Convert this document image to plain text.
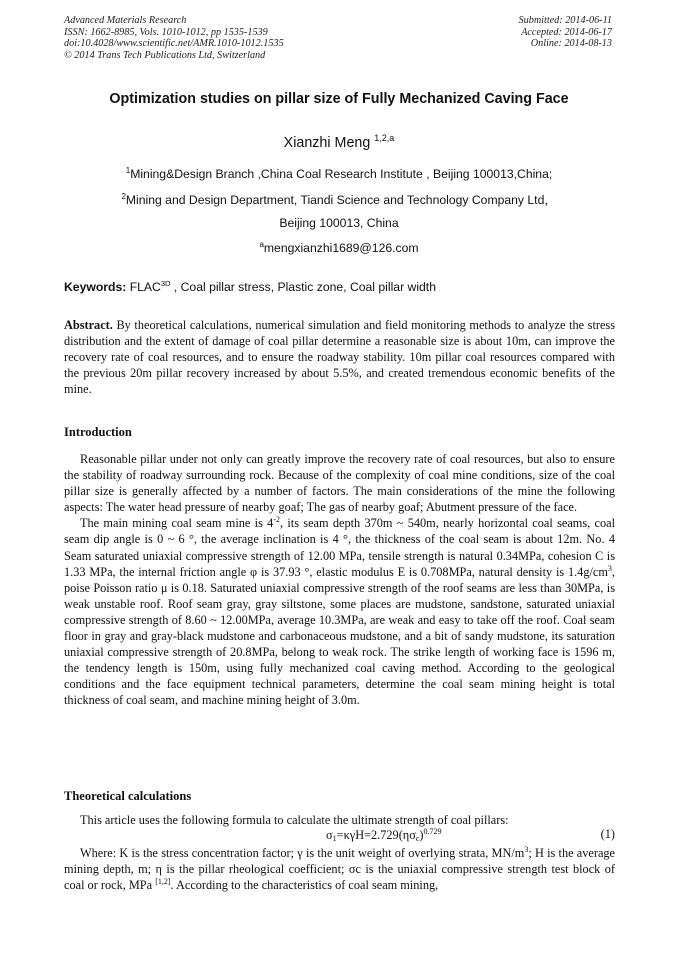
Advanced Materials Research
ISSN: 1662-8985, Vols. 1010-1012, pp 1535-1539
doi:10.4028/www.scientific.net/AMR.1010-1012.1535
© 2014 Trans Tech Publications Ltd, Switzerland
Submitted: 2014-06-11
Accepted: 2014-06-17
Online: 2014-08-13
Optimization studies on pillar size of Fully Mechanized Caving Face
Xianzhi Meng $^{1,2,a}$
$^1$Mining&Design Branch ,China Coal Research Institute , Beijing 100013,China;
$^2$Mining and Design Department, Tiandi Science and Technology Company Ltd，
Beijing 100013, China
$^a$mengxianzhi1689@126.com
Keywords: $FLAC^{3D}$ , Coal pillar stress, Plastic zone, Coal pillar width

Abstract. By theoretical calculations, numerical simulation and field monitoring methods to analyze the stress distribution and the extent of damage of coal pillar determine a reasonable size is about 10m, can improve the recovery rate of coal resources, and to ensure the roadway stability. 10m pillar coal resources compared with the previous 20m pillar recovery increased by about 5.5%, and created tremendous economic benefits of the mine.

Introduction

Reasonable pillar under not only can greatly improve the recovery rate of coal resources, but also to ensure the stability of roadway surrounding rock. Because of the complexity of coal mine conditions, size of the coal pillar size is generally affected by a number of factors. The main considerations of the mine the following aspects: The water head pressure of nearby goaf; The gas of nearby goaf; Abutment pressure of the face.

The main mining coal seam mine is $4^{-2}$, its seam depth 370m ~ 540m, nearly horizontal coal seams, coal seam dip angle is 0 ~ 6 °, the average inclination is 4 °, the thickness of the coal seam is about 12m. No. 4 Seam saturated uniaxial compressive strength of 12.00 MPa, tensile strength is natural 0.34MPa, cohesion C is 1.33 MPa, the internal friction angle φ is 37.93 °, elastic modulus E is 0.708MPa, natural density is $1.4g/cm^3$, poise Poisson ratio μ is 0.18. Saturated uniaxial compressive strength of the roof seams are less than 30MPa, is weak unstable roof. Roof seam gray, gray siltstone, some places are mudstone, sandstone, saturated uniaxial compressive strength of 8.60 ~ 12.00MPa, average 10.3MPa, are weak and easy to take off the roof. Coal seam floor in gray and gray-black mudstone and carbonaceous mudstone, and a bit of sandy mudstone, its saturation uniaxial compressive strength of 20.8MPa, belong to weak rock. The strike length of working face is 1596 m, the tendency length is 150m, using fully mechanized coal caving method. According to the geological conditions and the face equipment technical parameters, determine the coal seam mining height is total thickness of coal seam, and machine mining height of 3.0m.

Theoretical calculations

This article uses the following formula to calculate the ultimate strength of coal pillars:

$\sigma_1=\kappa\gamma H=2.729(\eta\sigma_c)^{0.729}$	(1)

Where: K is the stress concentration factor; γ is the unit weight of overlying strata, $MN/m^3$; H is the average mining depth, m; η is the pillar rheological coefficient; σc is the uniaxial compressive strength test block of coal or rock, MPa [1,2]. According to the characteristics of coal seam mining,
